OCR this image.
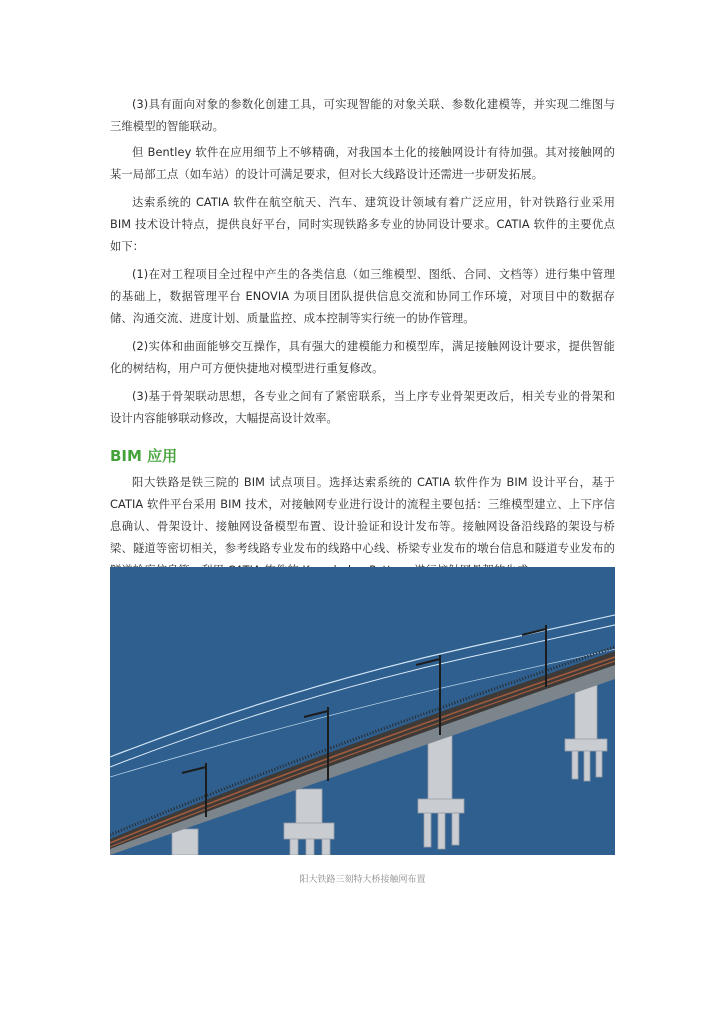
(3)具有面向对象的参数化创建工具，可实现智能的对象关联、参数化建模等，并实现二维图与三维模型的智能联动。

但 Bentley 软件在应用细节上不够精确，对我国本土化的接触网设计有待加强。其对接触网的某一局部工点（如车站）的设计可满足要求，但对长大线路设计还需进一步研发拓展。

达索系统的 CATIA 软件在航空航天、汽车、建筑设计领域有着广泛应用，针对铁路行业采用 BIM 技术设计特点，提供良好平台，同时实现铁路多专业的协同设计要求。CATIA 软件的主要优点如下：

(1)在对工程项目全过程中产生的各类信息（如三维模型、图纸、合同、文档等）进行集中管理的基础上，数据管理平台 ENOVIA 为项目团队提供信息交流和协同工作环境，对项目中的数据存储、沟通交流、进度计划、质量监控、成本控制等实行统一的协作管理。

(2)实体和曲面能够交互操作，具有强大的建模能力和模型库，满足接触网设计要求，提供智能化的树结构，用户可方便快捷地对模型进行重复修改。

(3)基于骨架联动思想，各专业之间有了紧密联系，当上序专业骨架更改后，相关专业的骨架和设计内容能够联动修改，大幅提高设计效率。

BIM 应用

阳大铁路是铁三院的 BIM 试点项目。选择达索系统的 CATIA 软件作为 BIM 设计平台，基于 CATIA 软件平台采用 BIM 技术，对接触网专业进行设计的流程主要包括：三维模型建立、上下序信息确认、骨架设计、接触网设备模型布置、设计验证和设计发布等。接触网设备沿线路的架设与桥梁、隧道等密切相关，参考线路专业发布的线路中心线、桥梁专业发布的墩台信息和隧道专业发布的

阳大铁路三刻特大桥接触网布置
